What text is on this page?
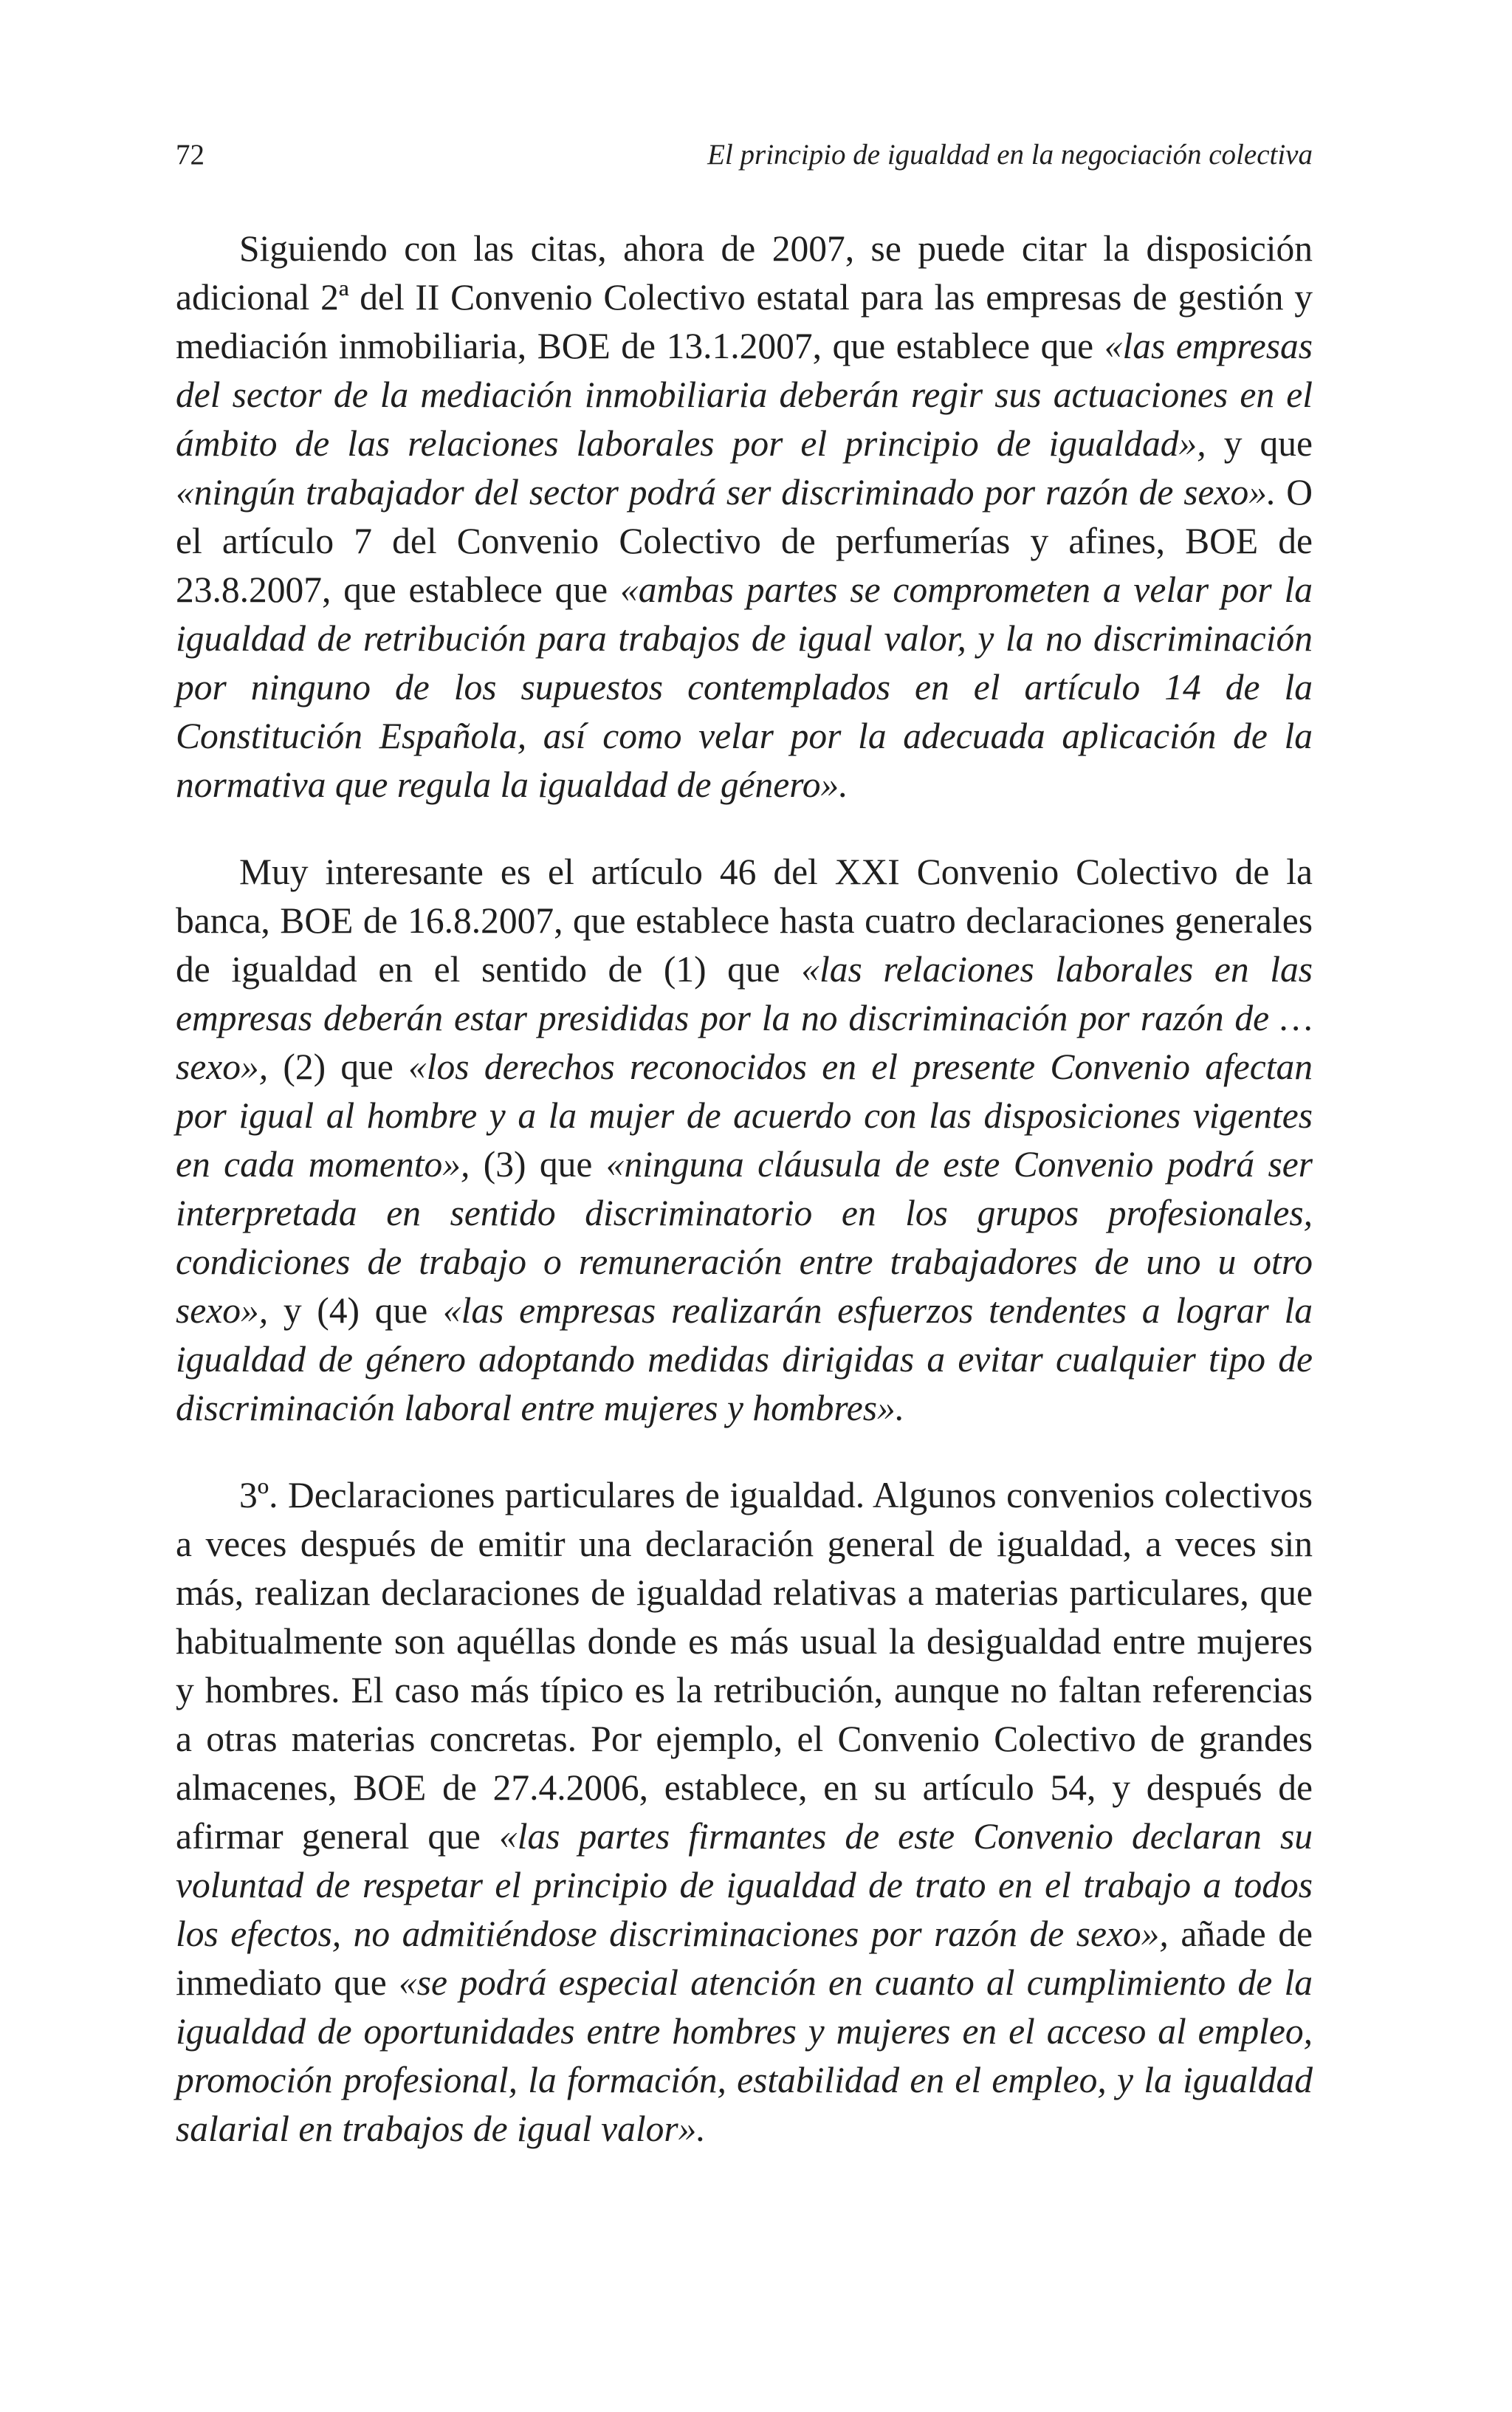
72	El principio de igualdad en la negociación colectiva

Siguiendo con las citas, ahora de 2007, se puede citar la disposición adicional 2ª del II Convenio Colectivo estatal para las empresas de gestión y mediación inmobiliaria, BOE de 13.1.2007, que establece que «las empresas del sector de la mediación inmobiliaria deberán regir sus actuaciones en el ámbito de las relaciones laborales por el principio de igualdad», y que «ningún trabajador del sector podrá ser discriminado por razón de sexo». O el artículo 7 del Convenio Colectivo de perfumerías y afines, BOE de 23.8.2007, que establece que «ambas partes se comprometen a velar por la igualdad de retribución para trabajos de igual valor, y la no discriminación por ninguno de los supuestos contemplados en el artículo 14 de la Constitución Española, así como velar por la adecuada aplicación de la normativa que regula la igualdad de género».

Muy interesante es el artículo 46 del XXI Convenio Colectivo de la banca, BOE de 16.8.2007, que establece hasta cuatro declaraciones generales de igualdad en el sentido de (1) que «las relaciones laborales en las empresas deberán estar presididas por la no discriminación por razón de … sexo», (2) que «los derechos reconocidos en el presente Convenio afectan por igual al hombre y a la mujer de acuerdo con las disposiciones vigentes en cada momento», (3) que «ninguna cláusula de este Convenio podrá ser interpretada en sentido discriminatorio en los grupos profesionales, condiciones de trabajo o remuneración entre trabajadores de uno u otro sexo», y (4) que «las empresas realizarán esfuerzos tendentes a lograr la igualdad de género adoptando medidas dirigidas a evitar cualquier tipo de discriminación laboral entre mujeres y hombres».

3º. Declaraciones particulares de igualdad. Algunos convenios colectivos a veces después de emitir una declaración general de igualdad, a veces sin más, realizan declaraciones de igualdad relativas a materias particulares, que habitualmente son aquéllas donde es más usual la desigualdad entre mujeres y hombres. El caso más típico es la retribución, aunque no faltan referencias a otras materias concretas. Por ejemplo, el Convenio Colectivo de grandes almacenes, BOE de 27.4.2006, establece, en su artículo 54, y después de afirmar general que «las partes firmantes de este Convenio declaran su voluntad de respetar el principio de igualdad de trato en el trabajo a todos los efectos, no admitiéndose discriminaciones por razón de sexo», añade de inmediato que «se podrá especial atención en cuanto al cumplimiento de la igualdad de oportunidades entre hombres y mujeres en el acceso al empleo, promoción profesional, la formación, estabilidad en el empleo, y la igualdad salarial en trabajos de igual valor».
